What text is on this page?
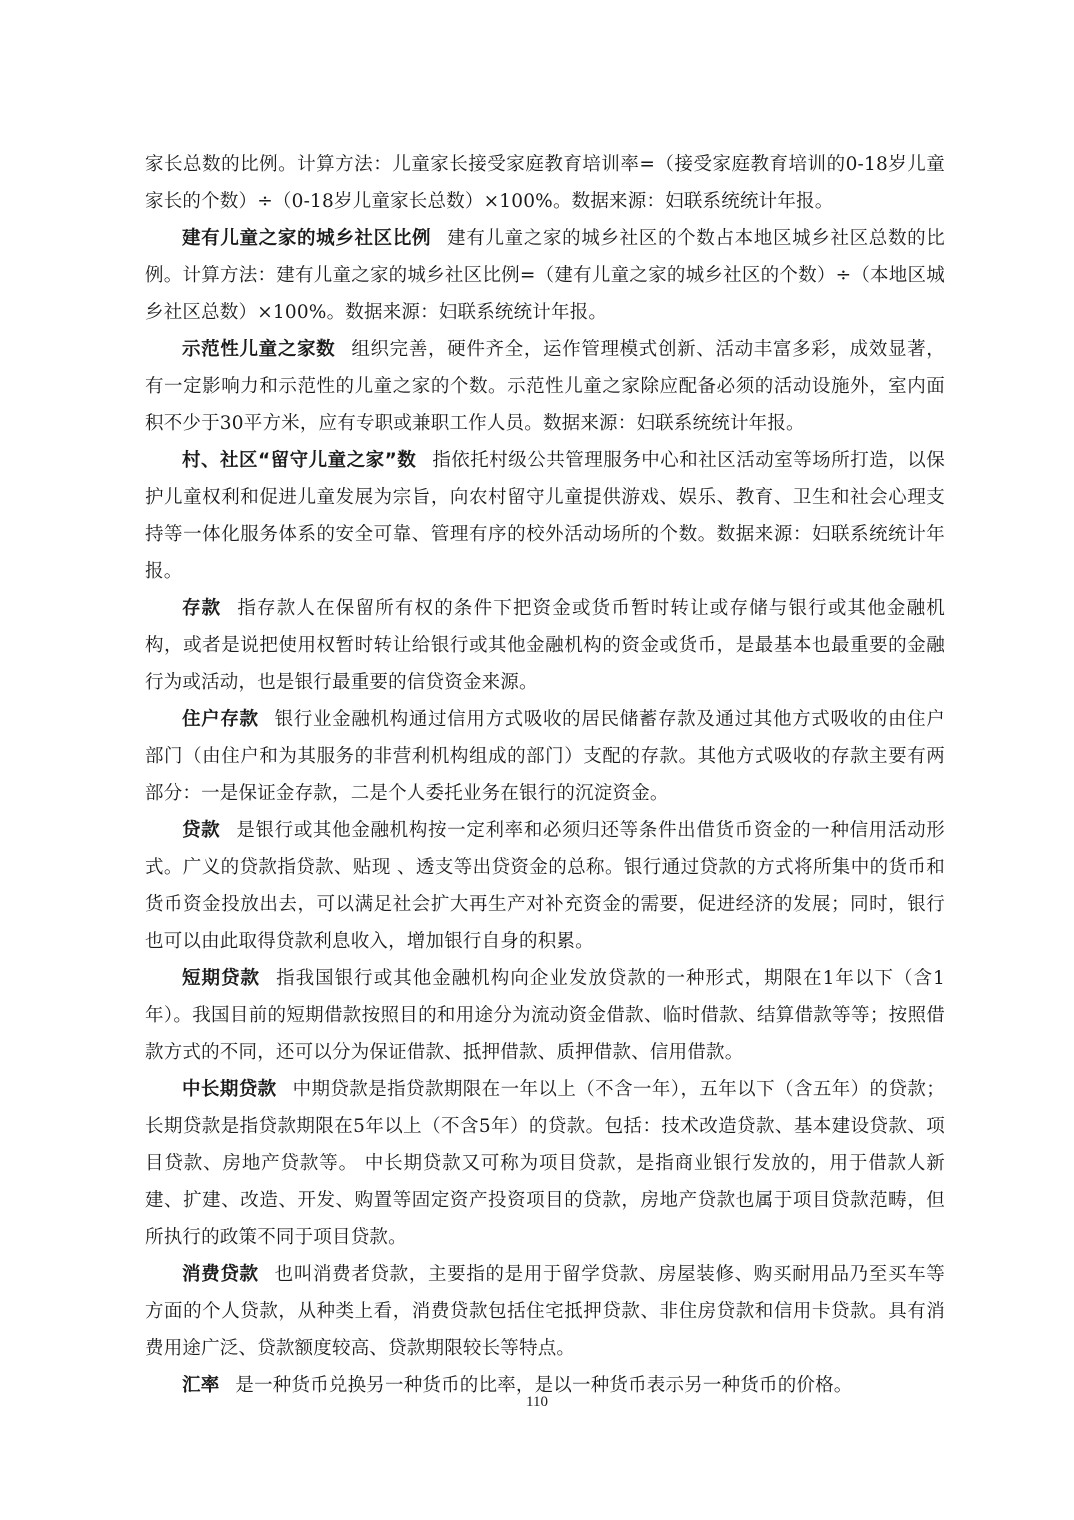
家长总数的比例。计算方法：儿童家长接受家庭教育培训率=（接受家庭教育培训的0-18岁儿童家长的个数）÷（0-18岁儿童家长总数）×100%。数据来源：妇联系统统计年报。

建有儿童之家的城乡社区比例 建有儿童之家的城乡社区的个数占本地区城乡社区总数的比例。计算方法：建有儿童之家的城乡社区比例=（建有儿童之家的城乡社区的个数）÷（本地区城乡社区总数）×100%。数据来源：妇联系统统计年报。

示范性儿童之家数 组织完善，硬件齐全，运作管理模式创新、活动丰富多彩，成效显著，有一定影响力和示范性的儿童之家的个数。示范性儿童之家除应配备必须的活动设施外，室内面积不少于30平方米，应有专职或兼职工作人员。数据来源：妇联系统统计年报。

村、社区“留守儿童之家”数 指依托村级公共管理服务中心和社区活动室等场所打造，以保护儿童权利和促进儿童发展为宗旨，向农村留守儿童提供游戏、娱乐、教育、卫生和社会心理支持等一体化服务体系的安全可靠、管理有序的校外活动场所的个数。数据来源：妇联系统统计年报。

存款 指存款人在保留所有权的条件下把资金或货币暂时转让或存储与银行或其他金融机构，或者是说把使用权暂时转让给银行或其他金融机构的资金或货币，是最基本也最重要的金融行为或活动，也是银行最重要的信贷资金来源。

住户存款 银行业金融机构通过信用方式吸收的居民储蓄存款及通过其他方式吸收的由住户部门（由住户和为其服务的非营利机构组成的部门）支配的存款。其他方式吸收的存款主要有两部分：一是保证金存款，二是个人委托业务在银行的沉淀资金。

贷款 是银行或其他金融机构按一定利率和必须归还等条件出借货币资金的一种信用活动形式。广义的贷款指贷款、贴现 、透支等出贷资金的总称。银行通过贷款的方式将所集中的货币和货币资金投放出去，可以满足社会扩大再生产对补充资金的需要，促进经济的发展；同时，银行也可以由此取得贷款利息收入，增加银行自身的积累。

短期贷款 指我国银行或其他金融机构向企业发放贷款的一种形式，期限在1年以下（含1年）。我国目前的短期借款按照目的和用途分为流动资金借款、临时借款、结算借款等等；按照借款方式的不同，还可以分为保证借款、抵押借款、质押借款、信用借款。

中长期贷款 中期贷款是指贷款期限在一年以上（不含一年），五年以下（含五年）的贷款；长期贷款是指贷款期限在5年以上（不含5年）的贷款。包括：技术改造贷款、基本建设贷款、项目贷款、房地产贷款等。 中长期贷款又可称为项目贷款，是指商业银行发放的，用于借款人新建、扩建、改造、开发、购置等固定资产投资项目的贷款，房地产贷款也属于项目贷款范畴，但所执行的政策不同于项目贷款。

消费贷款 也叫消费者贷款，主要指的是用于留学贷款、房屋装修、购买耐用品乃至买车等方面的个人贷款，从种类上看，消费贷款包括住宅抵押贷款、非住房贷款和信用卡贷款。具有消费用途广泛、贷款额度较高、贷款期限较长等特点。

汇率 是一种货币兑换另一种货币的比率，是以一种货币表示另一种货币的价格。

110
